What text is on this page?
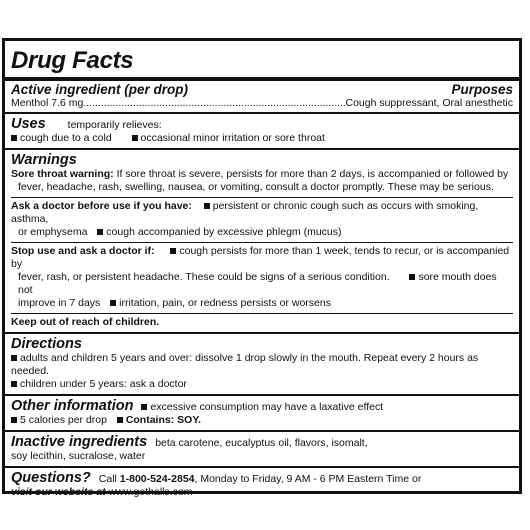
Drug Facts
Active ingredient (per drop)	Purposes
Menthol 7.6 mg
.....	Cough suppressant, Oral anesthetic
Uses temporarily relieves:
cough due to a cold	occasional minor irritation or sore throat
Warnings
Sore throat warning: If sore throat is severe, persists for more than 2 days, is accompanied or followed by
fever, headache, rash, swelling, nausea, or vomiting, consult a doctor promptly. These may be serious.
Ask a doctor before use if you have: persistent or chronic cough such as occurs with smoking, asthma,
or emphysema cough accompanied by excessive phlegm (mucus)
Stop use and ask a doctor if: cough persists for more than 1 week, tends to recur, or is accompanied by
fever, rash, or persistent headache. These could be signs of a serious condition.	sore mouth does not
improve in 7 days irritation, pain, or redness persists or worsens
Keep out of reach of children.
Directions
adults and children 5 years and over: dissolve 1 drop slowly in the mouth. Repeat every 2 hours as needed.
children under 5 years: ask a doctor
Other information	excessive consumption may have a laxative effect
5 calories per drop Contains: SOY.
Inactive ingredients beta carotene, eucalyptus oil, flavors, isomalt,
soy lecithin, sucralose, water
Questions? Call 1-800-524-2854, Monday to Friday, 9 AM - 6 PM Eastern Time or
visit our website at www.gethalls.com
